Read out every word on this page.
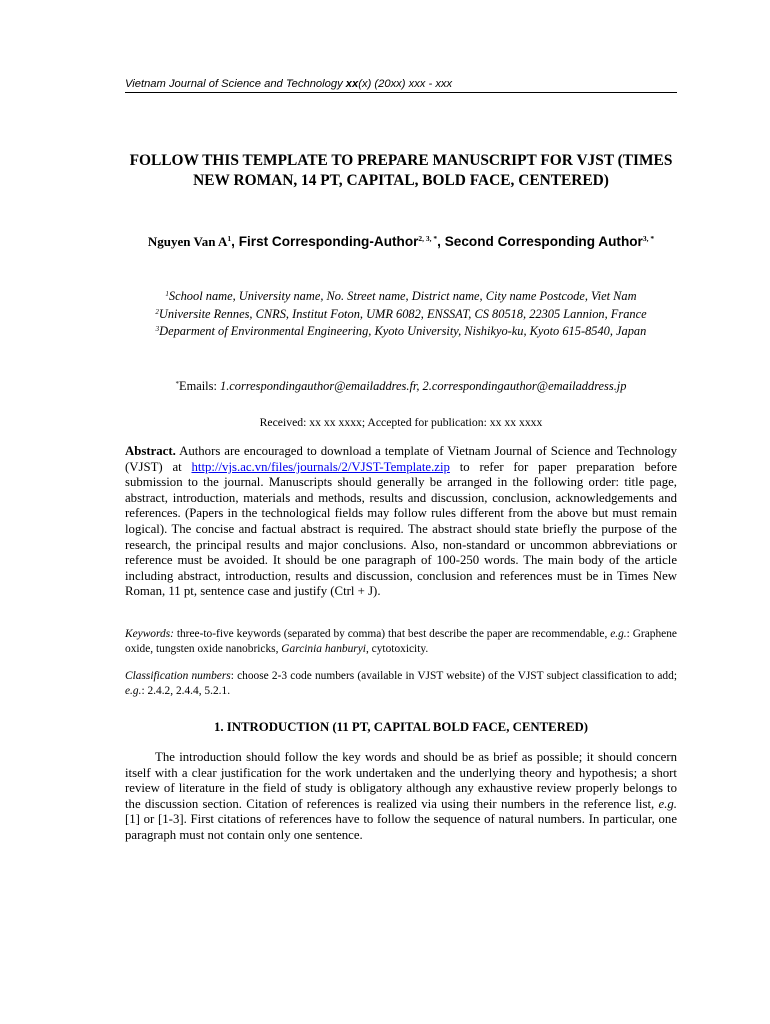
Vietnam Journal of Science and Technology xx(x) (20xx) xxx - xxx
FOLLOW THIS TEMPLATE TO PREPARE MANUSCRIPT FOR VJST (TIMES NEW ROMAN, 14 PT, CAPITAL, BOLD FACE, CENTERED)
Nguyen Van $A^1$, First Corresponding-Author$^{2, 3, *}$, Second Corresponding Author$^{3, *}$
$^1$School name, University name, No. Street name, District name, City name Postcode, Viet Nam
$^2$Universite Rennes, CNRS, Institut Foton, UMR 6082, ENSSAT, CS 80518, 22305 Lannion, France
$^3$Deparment of Environmental Engineering, Kyoto University, Nishikyo-ku, Kyoto 615-8540, Japan
*Emails: 1.correspondingauthor@emailaddres.fr, 2.correspondingauthor@emailaddress.jp
Received: xx xx xxxx; Accepted for publication: xx xx xxxx
Abstract. Authors are encouraged to download a template of Vietnam Journal of Science and Technology (VJST) at http://vjs.ac.vn/files/journals/2/VJST-Template.zip to refer for paper preparation before submission to the journal. Manuscripts should generally be arranged in the following order: title page, abstract, introduction, materials and methods, results and discussion, conclusion, acknowledgements and references. (Papers in the technological fields may follow rules different from the above but must remain logical). The concise and factual abstract is required. The abstract should state briefly the purpose of the research, the principal results and major conclusions. Also, non-standard or uncommon abbreviations or reference must be avoided. It should be one paragraph of 100-250 words. The main body of the article including abstract, introduction, results and discussion, conclusion and references must be in Times New Roman, 11 pt, sentence case and justify (Ctrl + J).
Keywords: three-to-five keywords (separated by comma) that best describe the paper are recommendable, e.g.: Graphene oxide, tungsten oxide nanobricks, Garcinia hanburyi, cytotoxicity.
Classification numbers: choose 2-3 code numbers (available in VJST website) of the VJST subject classification to add; e.g.: 2.4.2, 2.4.4, 5.2.1.
1. INTRODUCTION (11 PT, CAPITAL BOLD FACE, CENTERED)
The introduction should follow the key words and should be as brief as possible; it should concern itself with a clear justification for the work undertaken and the underlying theory and hypothesis; a short review of literature in the field of study is obligatory although any exhaustive review properly belongs to the discussion section. Citation of references is realized via using their numbers in the reference list, e.g. [1] or [1-3]. First citations of references have to follow the sequence of natural numbers. In particular, one paragraph must not contain only one sentence.
